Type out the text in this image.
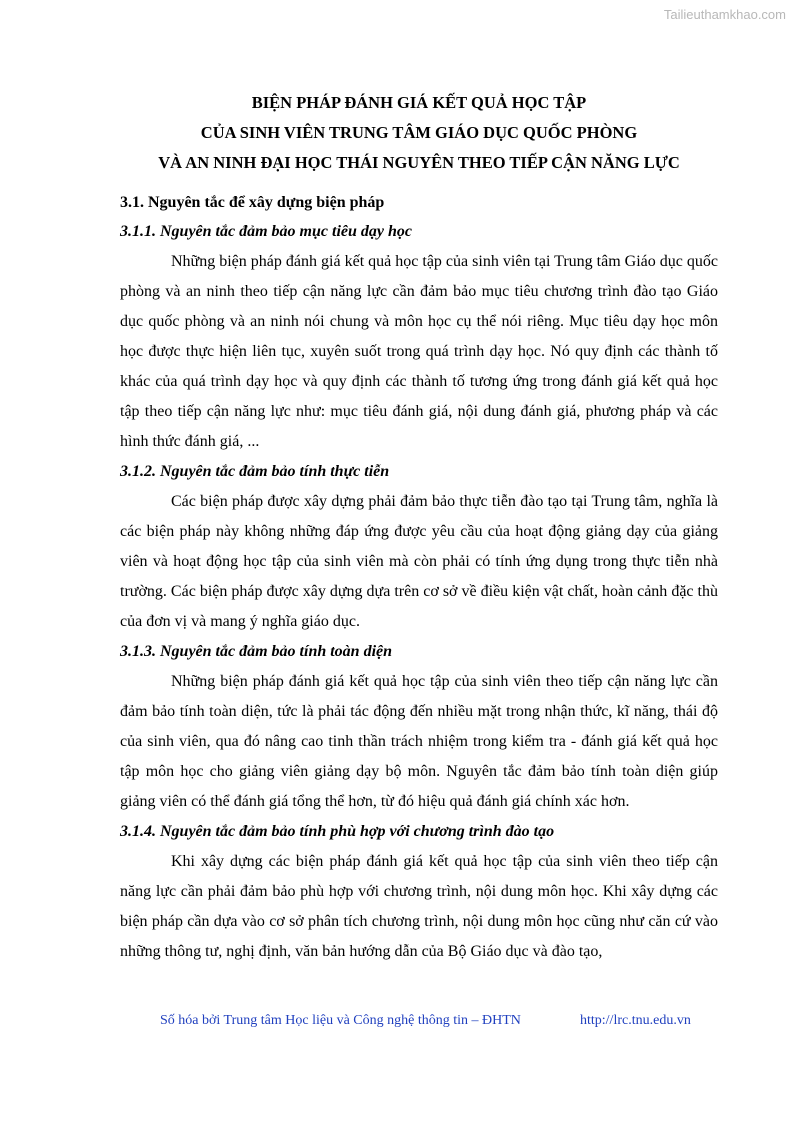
Tailieuthamkhao.com
BIỆN PHÁP ĐÁNH GIÁ KẾT QUẢ HỌC TẬP
CỦA SINH VIÊN TRUNG TÂM GIÁO DỤC QUỐC PHÒNG
VÀ AN NINH ĐẠI HỌC THÁI NGUYÊN THEO TIẾP CẬN NĂNG LỰC
3.1. Nguyên tắc để xây dựng biện pháp
3.1.1. Nguyên tắc đảm bảo mục tiêu dạy học

Những biện pháp đánh giá kết quả học tập của sinh viên tại Trung tâm Giáo dục quốc phòng và an ninh theo tiếp cận năng lực cần đảm bảo mục tiêu chương trình đào tạo Giáo dục quốc phòng và an ninh nói chung và môn học cụ thể nói riêng. Mục tiêu dạy học môn học được thực hiện liên tục, xuyên suốt trong quá trình dạy học. Nó quy định các thành tố khác của quá trình dạy học và quy định các thành tố tương ứng trong đánh giá kết quả học tập theo tiếp cận năng lực như: mục tiêu đánh giá, nội dung đánh giá, phương pháp và các hình thức đánh giá, ...

3.1.2. Nguyên tắc đảm bảo tính thực tiễn

Các biện pháp được xây dựng phải đảm bảo thực tiễn đào tạo tại Trung tâm, nghĩa là các biện pháp này không những đáp ứng được yêu cầu của hoạt động giảng dạy của giảng viên và hoạt động học tập của sinh viên mà còn phải có tính ứng dụng trong thực tiễn nhà trường. Các biện pháp được xây dựng dựa trên cơ sở về điều kiện vật chất, hoàn cảnh đặc thù của đơn vị và mang ý nghĩa giáo dục.

3.1.3. Nguyên tắc đảm bảo tính toàn diện

Những biện pháp đánh giá kết quả học tập của sinh viên theo tiếp cận năng lực cần đảm bảo tính toàn diện, tức là phải tác động đến nhiều mặt trong nhận thức, kĩ năng, thái độ của sinh viên, qua đó nâng cao tinh thần trách nhiệm trong kiểm tra - đánh giá kết quả học tập môn học cho giảng viên giảng dạy bộ môn. Nguyên tắc đảm bảo tính toàn diện giúp giảng viên có thể đánh giá tổng thể hơn, từ đó hiệu quả đánh giá chính xác hơn.

3.1.4. Nguyên tắc đảm bảo tính phù hợp với chương trình đào tạo

Khi xây dựng các biện pháp đánh giá kết quả học tập của sinh viên theo tiếp cận năng lực cần phải đảm bảo phù hợp với chương trình, nội dung môn học. Khi xây dựng các biện pháp cần dựa vào cơ sở phân tích chương trình, nội dung môn học cũng như căn cứ vào những thông tư, nghị định, văn bản hướng dẫn của Bộ Giáo dục và đào tạo,

Số hóa bởi Trung tâm Học liệu và Công nghệ thông tin – ĐHTN	http://lrc.tnu.edu.vn
